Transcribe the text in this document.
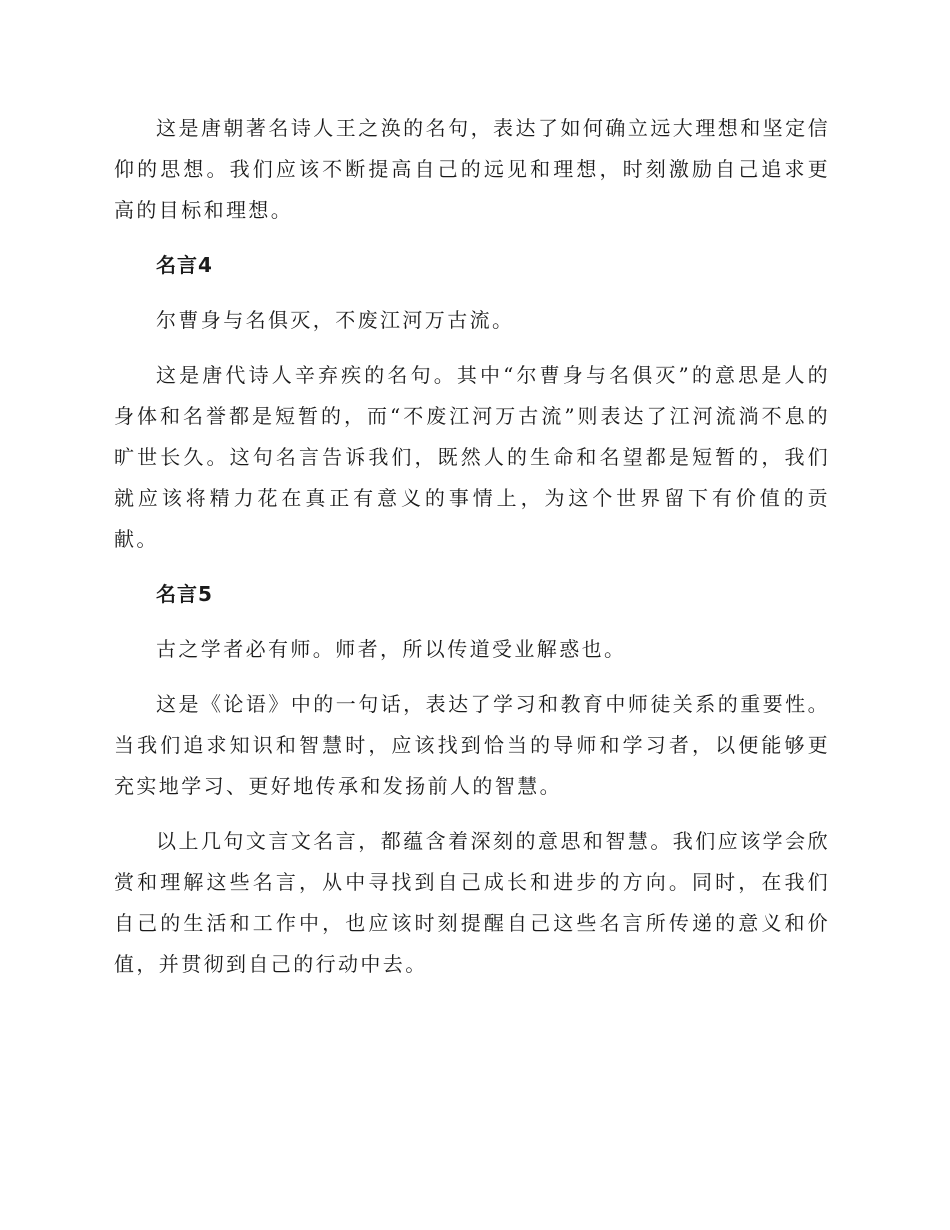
这是唐朝著名诗人王之涣的名句，表达了如何确立远大理想和坚定信仰的思想。我们应该不断提高自己的远见和理想，时刻激励自己追求更高的目标和理想。

名言4

尔曹身与名俱灭，不废江河万古流。

这是唐代诗人辛弃疾的名句。其中“尔曹身与名俱灭”的意思是人的身体和名誉都是短暂的，而“不废江河万古流”则表达了江河流淌不息的旷世长久。这句名言告诉我们，既然人的生命和名望都是短暂的，我们就应该将精力花在真正有意义的事情上，为这个世界留下有价值的贡献。

名言5

古之学者必有师。师者，所以传道受业解惑也。

这是《论语》中的一句话，表达了学习和教育中师徒关系的重要性。当我们追求知识和智慧时，应该找到恰当的导师和学习者，以便能够更充实地学习、更好地传承和发扬前人的智慧。

以上几句文言文名言，都蕴含着深刻的意思和智慧。我们应该学会欣赏和理解这些名言，从中寻找到自己成长和进步的方向。同时，在我们自己的生活和工作中，也应该时刻提醒自己这些名言所传递的意义和价值，并贯彻到自己的行动中去。
